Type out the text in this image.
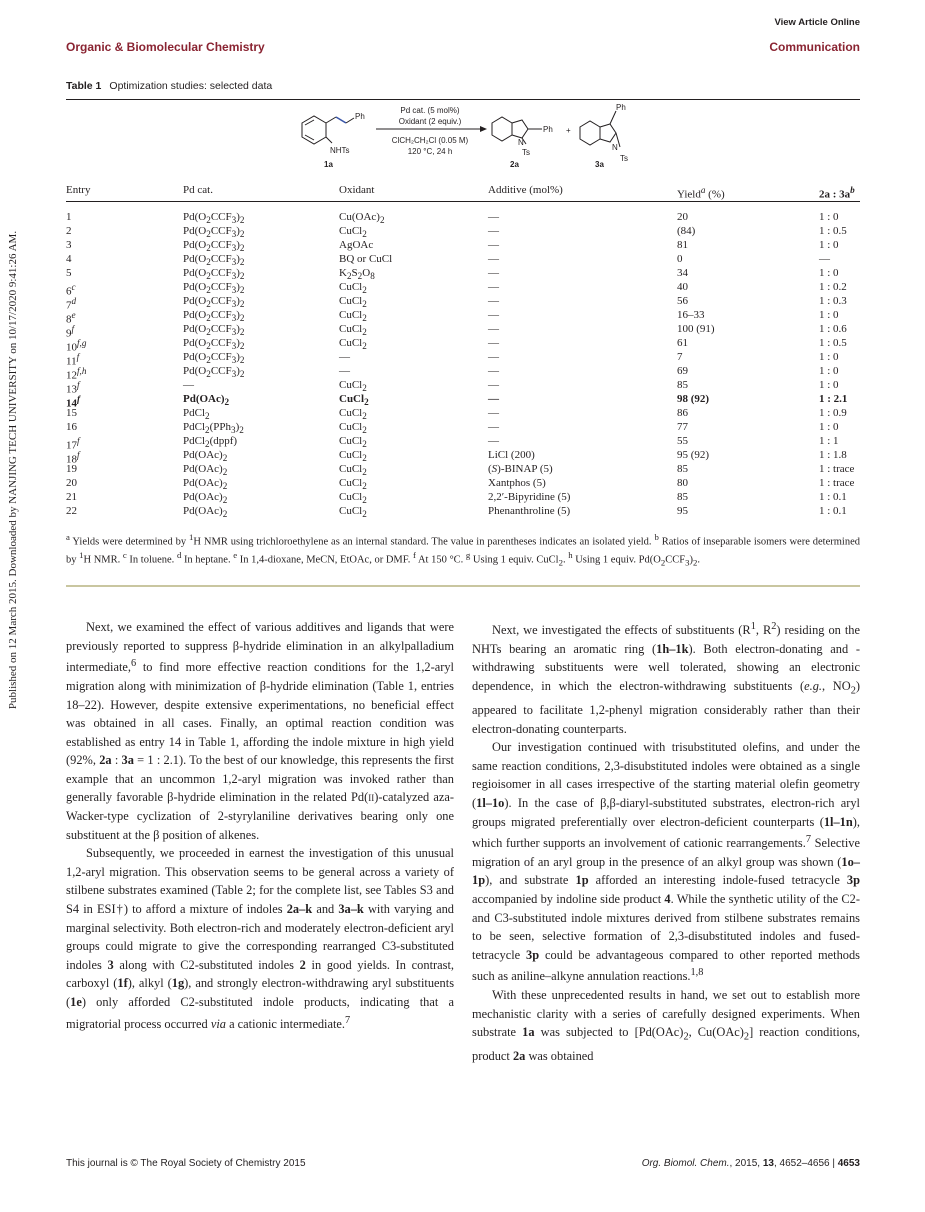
View Article Online
Organic & Biomolecular Chemistry	Communication
Published on 12 March 2015. Downloaded by NANJING TECH UNIVERSITY on 10/17/2020 9:41:26 AM.
Table 1 Optimization studies: selected data
Ph
NHTs
1a
Pd cat. (5 mol%)
Oxidant (2 equiv.)
ClCH₂CH₂Cl (0.05 M)
120 °C, 24 h
Ph
N
Ts
2a
+
Ph
N
Ts
3a
Entry	Pd cat.	Oxidant	Additive (mol%)	Yield$^a$ (%)	2a : $3a^b$
1	$Pd(O_2CCF_3)_2$	$Cu(OAc)_2$	—	20	1 : 0
2	$Pd(O_2CCF_3)_2$	CuCl$_2$	—	(84)	1 : 0.5
3	$Pd(O_2CCF_3)_2$	AgOAc	—	81	1 : 0
4	$Pd(O_2CCF_3)_2$	BQ or CuCl	—	0	—
5	$Pd(O_2CCF_3)_2$	$K_2S_2O_8$	—	34	1 : 0
6$^c$	$Pd(O_2CCF_3)_2$	CuCl$_2$	—	40	1 : 0.2
7$^d$	$Pd(O_2CCF_3)_2$	CuCl$_2$	—	56	1 : 0.3
8e	$Pd(O_2CCF_3)_2$	CuCl$_2$	—	16–33	1 : 0
9$^f$	$Pd(O_2CCF_3)_2$	CuCl$_2$	—	100 (91)	1 : 0.6
10$^{f,g}$	$Pd(O_2CCF_3)_2$	CuCl$_2$	—	61	1 : 0.5
11$^f$	$Pd(O_2CCF_3)_2$	—	—	7	1 : 0
12$^{f,h}$	$Pd(O_2CCF_3)_2$	—	—	69	1 : 0
13$^f$	—	CuCl$_2$	—	85	1 : 0
14$^f$	$Pd(OAc)_2$	CuCl$_2$	—	98 (92)	1 : 2.1
15	PdCl$_2$	CuCl$_2$	—	86	1 : 0.9
16	$PdCl_2(PPh_3)_2$	CuCl$_2$	—	77	1 : 0
17$^f$	PdCl$_2$(dppf)	CuCl$_2$	—	55	1 : 1
18$^f$	$Pd(OAc)_2$	CuCl$_2$	LiCl (200)	95 (92)	1 : 1.8
19	$Pd(OAc)_2$	CuCl$_2$	(S)-BINAP (5)	85	1 : trace
20	$Pd(OAc)_2$	CuCl$_2$	Xantphos (5)	80	1 : trace
21	$Pd(OAc)_2$	CuCl$_2$	2,2′-Bipyridine (5)	85	1 : 0.1
22	$Pd(OAc)_2$	CuCl$_2$	Phenanthroline (5)	95	1 : 0.1
$^a$ Yields were determined by $^1$H NMR using trichloroethylene as an internal standard. The value in parentheses indicates an isolated yield. $^b$ Ratios of inseparable isomers were determined by $^1$H NMR. $^c$ In toluene. $^d$ In heptane. $^e$ In 1,4-dioxane, MeCN, EtOAc, or DMF. $^f$ At 150 °C. $^g$ Using 1 equiv. CuCl$_2$. $^h$ Using 1 equiv. $Pd(O_2CCF_3)_2$.

Next, we examined the effect of various additives and ligands that were previously reported to suppress β-hydride elimination in an alkylpalladium intermediate,$^6$ to find more effective reaction conditions for the 1,2-aryl migration along with minimization of β-hydride elimination (Table 1, entries 18–22). However, despite extensive experimentations, no beneficial effect was obtained in all cases. Finally, an optimal reaction condition was established as entry 14 in Table 1, affording the indole mixture in high yield (92%, 2a : 3a = 1 : 2.1). To the best of our knowledge, this represents the first example that an uncommon 1,2-aryl migration was invoked rather than generally favorable β-hydride elimination in the related Pd(ii)-catalyzed aza-Wacker-type cyclization of 2-styrylaniline derivatives bearing only one substituent at the β position of alkenes.

Subsequently, we proceeded in earnest the investigation of this unusual 1,2-aryl migration. This observation seems to be general across a variety of stilbene substrates examined (Table 2; for the complete list, see Tables S3 and S4 in ESI†) to afford a mixture of indoles 2a–k and 3a–k with varying and marginal selectivity. Both electron-rich and moderately electron-deficient aryl groups could migrate to give the corresponding rearranged C3-substituted indoles 3 along with C2-substituted indoles 2 in good yields. In contrast, carboxyl (1f), alkyl (1g), and strongly electron-withdrawing aryl substituents (1e) only afforded C2-substituted indole products, indicating that a migratorial process occurred via a cationic intermediate.$^7$

Next, we investigated the effects of substituents ($R^1$, $R^2$) residing on the NHTs bearing an aromatic ring (1h–1k). Both electron-donating and -withdrawing substituents were well tolerated, showing an electronic dependence, in which the electron-withdrawing substituents (e.g., $NO_2$) appeared to facilitate 1,2-phenyl migration considerably rather than their electron-donating counterparts.

Our investigation continued with trisubstituted olefins, and under the same reaction conditions, 2,3-disubstituted indoles were obtained as a single regioisomer in all cases irrespective of the starting material olefin geometry (1l–1o). In the case of β,β-diaryl-substituted substrates, electron-rich aryl groups migrated preferentially over electron-deficient counterparts (1l–1n), which further supports an involvement of cationic rearrangements.$^7$ Selective migration of an aryl group in the presence of an alkyl group was shown (1o–1p), and substrate 1p afforded an interesting indole-fused tetracycle 3p accompanied by indoline side product 4. While the synthetic utility of the C2- and C3-substituted indole mixtures derived from stilbene substrates remains to be seen, selective formation of 2,3-disubstituted indoles and fused-tetracycle 3p could be advantageous compared to other reported methods such as aniline–alkyne annulation reactions.$^{1,8}$

With these unprecedented results in hand, we set out to establish more mechanistic clarity with a series of carefully designed experiments. When substrate 1a was subjected to [$Pd(OAc)_2$, $Cu(OAc)_2$] reaction conditions, product 2a was obtained

This journal is © The Royal Society of Chemistry 2015	Org. Biomol. Chem., 2015, 13, 4652–4656 | 4653
